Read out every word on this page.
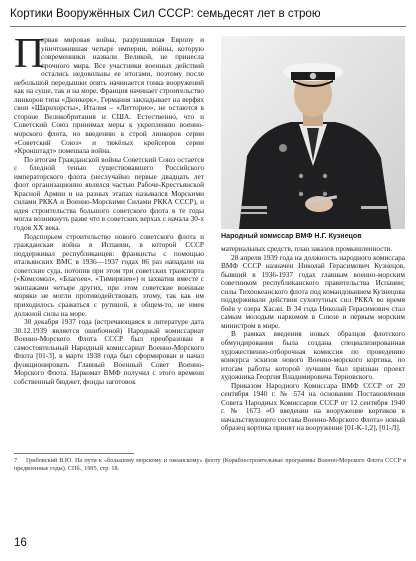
Кортики Вооружённых Сил СССР: семьдесят лет в строю

П
ервая мировая война, разрушившая Европу и уничтожившая четыре империи, войны, которую современники назвали Великой, не принесла прочного мира. Все участники военных действий остались недовольны ее итогами, поэтому после небольшой передышки опять начинается гонка вооружений как на суше, так и на море. Франция начинает строительство линкоров типа «Дюнкерк», Германия закладывает на верфях свои «Шарнхорсты», Италия – «Литторио», не остаются в стороне Великобритания и США. Естественно, что и Советский Союз принимал меры к укреплению военно-морского флота, но введению в строй линкоров серии «Советский Союз» и тяжёлых крейсеров серии «Кронштадт» помешала война.

По итогам Гражданской войны Советский Союз остается с бледной тенью существовавшего Российского императорского флота (неслучайно первые двадцать лет флот организационно являлся частью Рабоче-Крестьянской Красной Армии и на разных этапах назывался Морскими силами РККА и Военно-Морскими Силами РККА СССР), и идея строительства большого советского флота в те годы могла возникнуть разве что в советских верхах с начала 30-х годов XX века.

Подспорьем строительство нового советского флота и гражданская война в Испании, в которой СССР поддерживал республиканцев: франкисты с помощью итальянских ВМС в 1936—1937 годах 86 раз нападали на советские суда, потопив при этом три советских транспорта («Комсомол», «Благоев», «Тимирязев») и захватив вместе с экипажами четыре других, при этом советские военные моряки не могли противодействовать этому, так как им приходилось сражаться с рутиной, в общем-то, не имея должной силы на море.

30 декабря 1937 года (встречающаяся в литературе дата 30.12.1939 является ошибочной) Народный комиссариат Военно-Морского Флота СССР был преобразован в самостоятельный Народный комиссариат Военно-Морского Флота [01-3], в марте 1938 года был сформирован и начал функционировать Главный Военный Совет Военно-Морского Флота. Наркомат ВМФ получил с этого времени собственный бюджет, фонды заготовок

Народный комиссар ВМФ Н.Г. Кузнецов

материальных средств, план заказов промышленности.

28 апреля 1939 года на должность народного комиссара ВМФ СССР назначен Николай Герасимович Кузнецов, бывший в 1936-1937 годах главным военно-морским советником республиканского правительства Испании; силы Тихоокеанского флота под командованием Кузнецова поддерживали действия сухопутных сил РККА во время боёв у озера Хасан. В 34 года Николай Герасимович стал самым молодым наркомом в Союзе и первым морским министром в мире.

В рамках введения новых образцов флотского обмундирования была создана специализированная художественно-отборочная комиссия по проведению конкурса эскизов нового Военно-морского кортика, по итогам работы которой лучшим был признан проект художника Георгия Владимировича Терновского.

Приказом Народного Комиссара ВМФ СССР от 20 сентября 1940 г. № 574 на основании Постановления Совета Народных Комиссаров СССР от 12 сентября 1940 г. № 1673 «О введении на вооружение кортиков в начальствующего состава Военно-Морского Флота» новый образец кортика принят на вооружение [01-К-1,2], [01-Л].

7 Грибовский В.Ю. На пути к «большому морскому и океанскому» флоту (Кораблестроительные программы Военно-Морского Флота СССР в предвоенные годы). СПб., 1995, стр. 18.
16
